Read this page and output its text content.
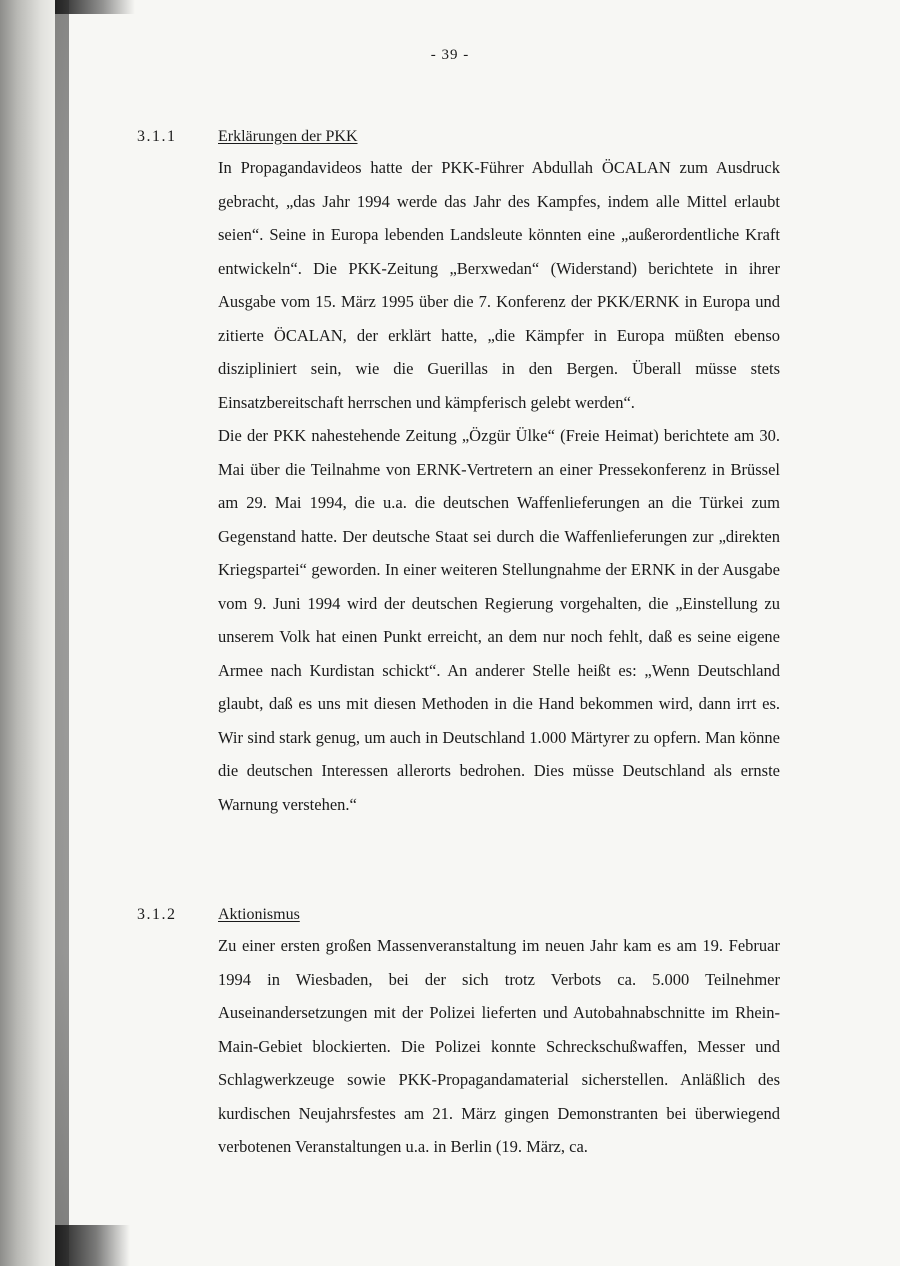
- 39 -
3.1.1	Erklärungen der PKK

In Propagandavideos hatte der PKK-Führer Abdullah ÖCALAN zum Ausdruck gebracht, „das Jahr 1994 werde das Jahr des Kampfes, indem alle Mittel erlaubt seien“. Seine in Europa lebenden Landsleute könnten eine „außerordentliche Kraft entwickeln“. Die PKK-Zeitung „Berxwedan“ (Widerstand) berichtete in ihrer Ausgabe vom 15. März 1995 über die 7. Konferenz der PKK/ERNK in Europa und zitierte ÖCALAN, der erklärt hatte, „die Kämpfer in Europa müßten ebenso diszipliniert sein, wie die Guerillas in den Bergen. Überall müsse stets Einsatzbereitschaft herrschen und kämpferisch gelebt werden“.

Die der PKK nahestehende Zeitung „Özgür Ülke“ (Freie Heimat) berichtete am 30. Mai über die Teilnahme von ERNK-Vertretern an einer Pressekonferenz in Brüssel am 29. Mai 1994, die u.a. die deutschen Waffenlieferungen an die Türkei zum Gegenstand hatte. Der deutsche Staat sei durch die Waffenlieferungen zur „direkten Kriegspartei“ geworden. In einer weiteren Stellungnahme der ERNK in der Ausgabe vom 9. Juni 1994 wird der deutschen Regierung vorgehalten, die „Einstellung zu unserem Volk hat einen Punkt erreicht, an dem nur noch fehlt, daß es seine eigene Armee nach Kurdistan schickt“. An anderer Stelle heißt es: „Wenn Deutschland glaubt, daß es uns mit diesen Methoden in die Hand bekommen wird, dann irrt es. Wir sind stark genug, um auch in Deutschland 1.000 Märtyrer zu opfern. Man könne die deutschen Interessen allerorts bedrohen. Dies müsse Deutschland als ernste Warnung verstehen.“

3.1.2	Aktionismus

Zu einer ersten großen Massenveranstaltung im neuen Jahr kam es am 19. Februar 1994 in Wiesbaden, bei der sich trotz Verbots ca. 5.000 Teilnehmer Auseinandersetzungen mit der Polizei lieferten und Autobahnabschnitte im Rhein-Main-Gebiet blockierten. Die Polizei konnte Schreckschußwaffen, Messer und Schlagwerkzeuge sowie PKK-Propagandamaterial sicherstellen. Anläßlich des kurdischen Neujahrsfestes am 21. März gingen Demonstranten bei überwiegend verbotenen Veranstaltungen u.a. in Berlin (19. März, ca.
